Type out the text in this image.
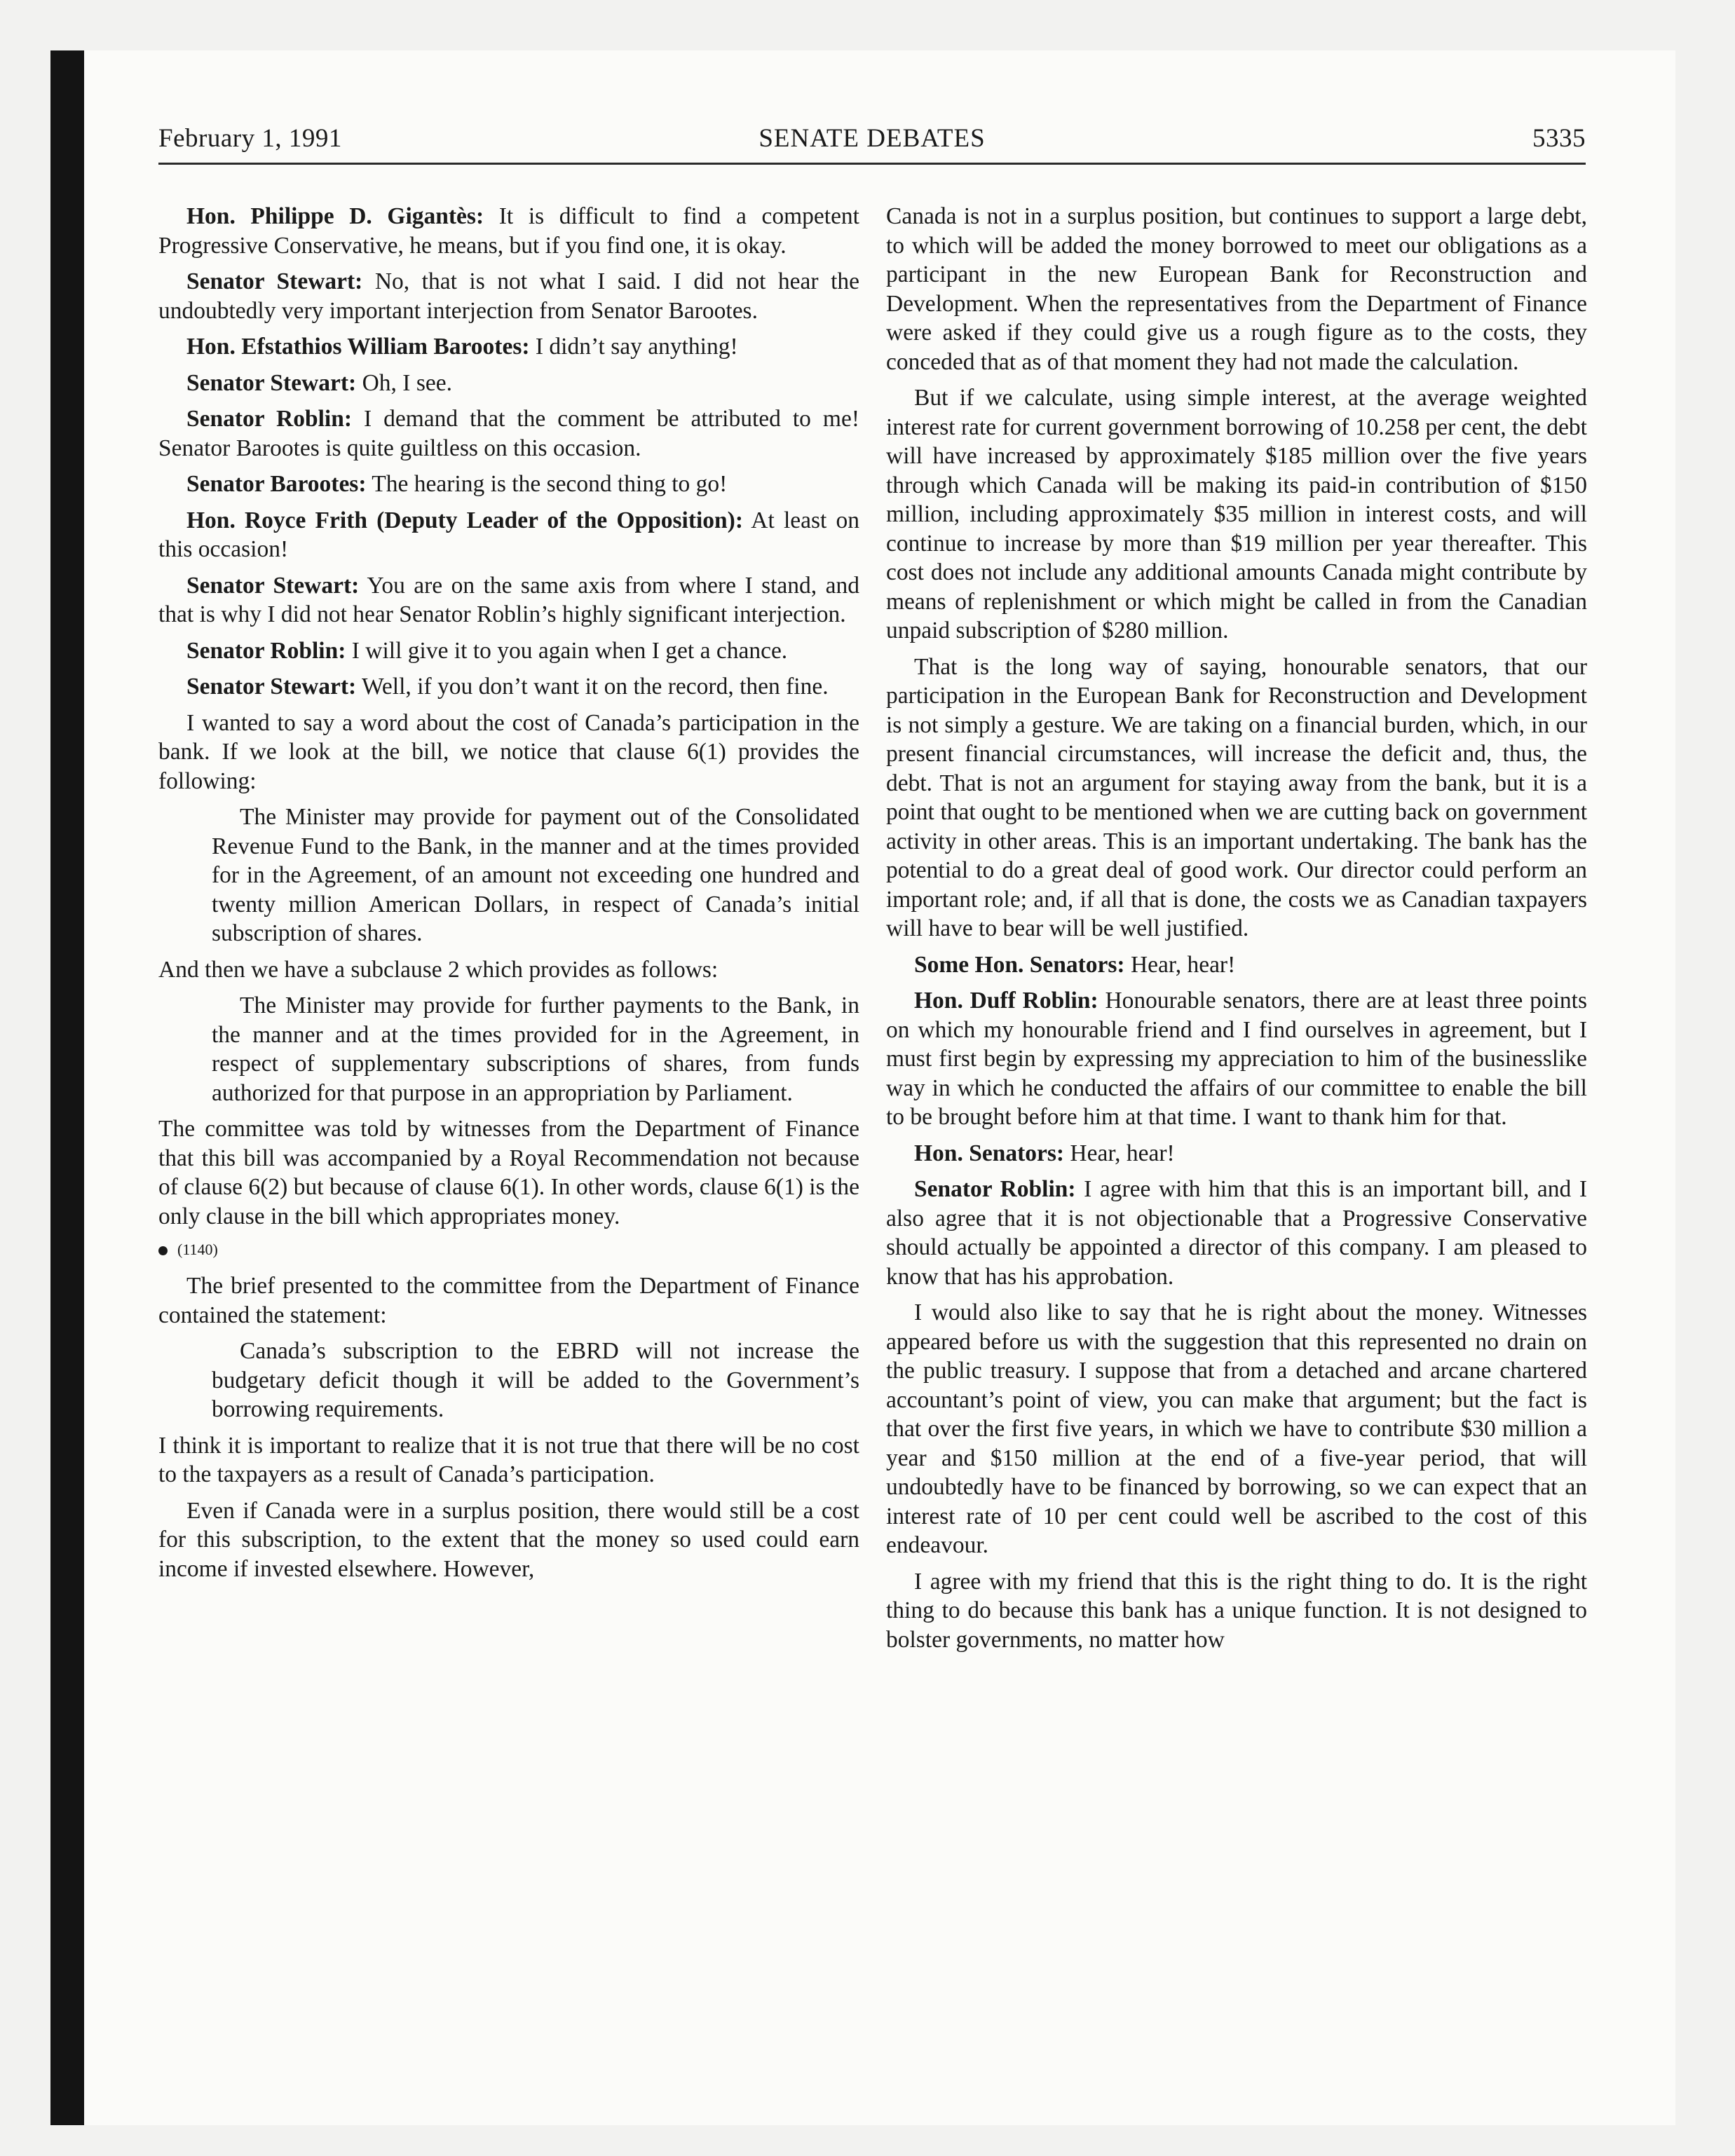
February 1, 1991	SENATE DEBATES	5335

Hon. Philippe D. Gigantès: It is difficult to find a competent Progressive Conservative, he means, but if you find one, it is okay.

Senator Stewart: No, that is not what I said. I did not hear the undoubtedly very important interjection from Senator Barootes.

Hon. Efstathios William Barootes: I didn’t say anything!

Senator Stewart: Oh, I see.

Senator Roblin: I demand that the comment be attributed to me! Senator Barootes is quite guiltless on this occasion.

Senator Barootes: The hearing is the second thing to go!

Hon. Royce Frith (Deputy Leader of the Opposition): At least on this occasion!

Senator Stewart: You are on the same axis from where I stand, and that is why I did not hear Senator Roblin’s highly significant interjection.

Senator Roblin: I will give it to you again when I get a chance.

Senator Stewart: Well, if you don’t want it on the record, then fine.

I wanted to say a word about the cost of Canada’s participation in the bank. If we look at the bill, we notice that clause 6(1) provides the following:

The Minister may provide for payment out of the Consolidated Revenue Fund to the Bank, in the manner and at the times provided for in the Agreement, of an amount not exceeding one hundred and twenty million American Dollars, in respect of Canada’s initial subscription of shares.

And then we have a subclause 2 which provides as follows:

The Minister may provide for further payments to the Bank, in the manner and at the times provided for in the Agreement, in respect of supplementary subscriptions of shares, from funds authorized for that purpose in an appropriation by Parliament.

The committee was told by witnesses from the Department of Finance that this bill was accompanied by a Royal Recommendation not because of clause 6(2) but because of clause 6(1). In other words, clause 6(1) is the only clause in the bill which appropriates money.

(1140)

The brief presented to the committee from the Department of Finance contained the statement:

Canada’s subscription to the EBRD will not increase the budgetary deficit though it will be added to the Government’s borrowing requirements.

I think it is important to realize that it is not true that there will be no cost to the taxpayers as a result of Canada’s participation.

Even if Canada were in a surplus position, there would still be a cost for this subscription, to the extent that the money so used could earn income if invested elsewhere. However,

Canada is not in a surplus position, but continues to support a large debt, to which will be added the money borrowed to meet our obligations as a participant in the new European Bank for Reconstruction and Development. When the representatives from the Department of Finance were asked if they could give us a rough figure as to the costs, they conceded that as of that moment they had not made the calculation.

But if we calculate, using simple interest, at the average weighted interest rate for current government borrowing of 10.258 per cent, the debt will have increased by approximately $185 million over the five years through which Canada will be making its paid-in contribution of $150 million, including approximately $35 million in interest costs, and will continue to increase by more than $19 million per year thereafter. This cost does not include any additional amounts Canada might contribute by means of replenishment or which might be called in from the Canadian unpaid subscription of $280 million.

That is the long way of saying, honourable senators, that our participation in the European Bank for Reconstruction and Development is not simply a gesture. We are taking on a financial burden, which, in our present financial circumstances, will increase the deficit and, thus, the debt. That is not an argument for staying away from the bank, but it is a point that ought to be mentioned when we are cutting back on government activity in other areas. This is an important undertaking. The bank has the potential to do a great deal of good work. Our director could perform an important role; and, if all that is done, the costs we as Canadian taxpayers will have to bear will be well justified.

Some Hon. Senators: Hear, hear!

Hon. Duff Roblin: Honourable senators, there are at least three points on which my honourable friend and I find ourselves in agreement, but I must first begin by expressing my appreciation to him of the businesslike way in which he conducted the affairs of our committee to enable the bill to be brought before him at that time. I want to thank him for that.

Hon. Senators: Hear, hear!

Senator Roblin: I agree with him that this is an important bill, and I also agree that it is not objectionable that a Progressive Conservative should actually be appointed a director of this company. I am pleased to know that has his approbation.

I would also like to say that he is right about the money. Witnesses appeared before us with the suggestion that this represented no drain on the public treasury. I suppose that from a detached and arcane chartered accountant’s point of view, you can make that argument; but the fact is that over the first five years, in which we have to contribute $30 million a year and $150 million at the end of a five-year period, that will undoubtedly have to be financed by borrowing, so we can expect that an interest rate of 10 per cent could well be ascribed to the cost of this endeavour.

I agree with my friend that this is the right thing to do. It is the right thing to do because this bank has a unique function. It is not designed to bolster governments, no matter how
